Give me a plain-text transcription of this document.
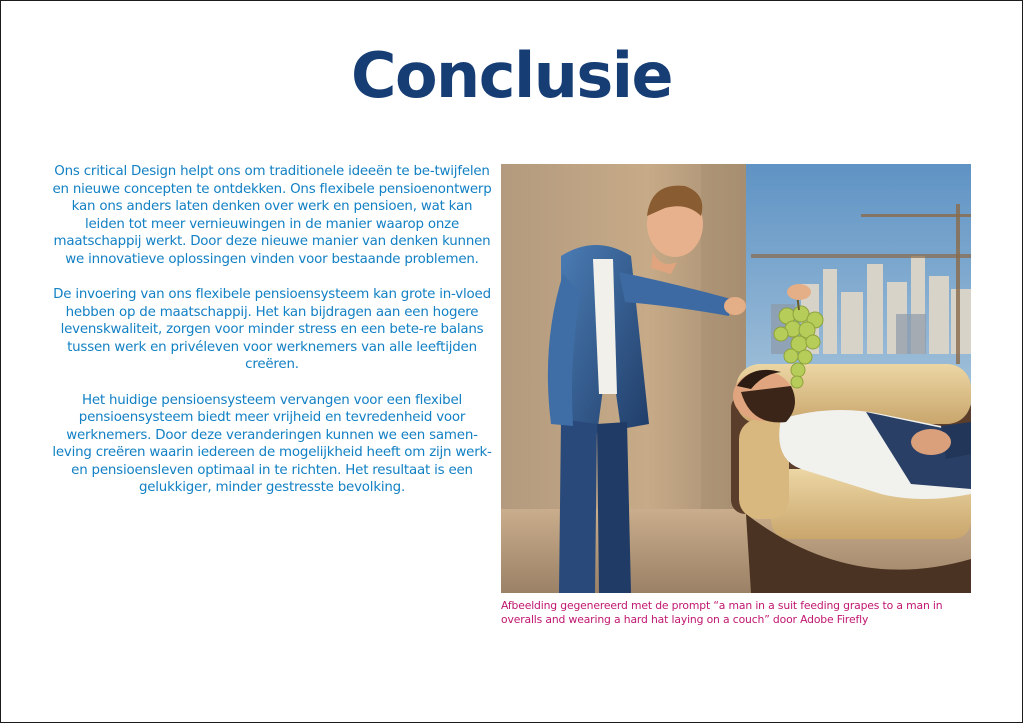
Conclusie

Ons critical Design helpt ons om traditionele ideeën te be-twijfelen en nieuwe concepten te ontdekken. Ons flexibele pensioenontwerp kan ons anders laten denken over werk en pensioen, wat kan leiden tot meer vernieuwingen in de manier waarop onze maatschappij werkt. Door deze nieuwe manier van denken kunnen we innovatieve oplossingen vinden voor bestaande problemen.

De invoering van ons flexibele pensioensysteem kan grote in-vloed hebben op de maatschappij. Het kan bijdragen aan een hogere levenskwaliteit, zorgen voor minder stress en een bete-re balans tussen werk en privéleven voor werknemers van alle leeftijden creëren.

Het huidige pensioensysteem vervangen voor een flexibel pensioensysteem biedt meer vrijheid en tevredenheid voor werknemers. Door deze veranderingen kunnen we een samen-leving creëren waarin iedereen de mogelijkheid heeft om zijn werk- en pensioensleven optimaal in te richten. Het resultaat is een gelukkiger, minder gestresste bevolking.

Afbeelding gegenereerd met de prompt “a man in a suit feeding grapes to a man in overalls and wearing a hard hat laying on a couch” door Adobe Firefly
